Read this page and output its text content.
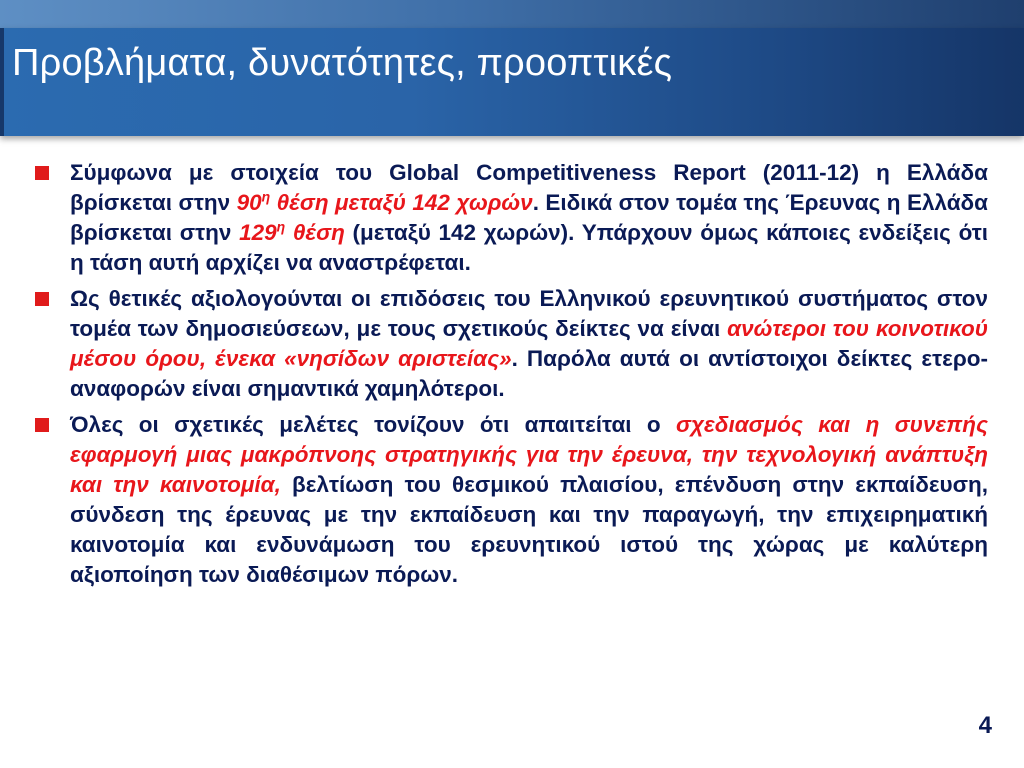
Προβλήματα, δυνατότητες, προοπτικές
Σύμφωνα με στοιχεία του Global Competitiveness Report (2011-12) η Ελλάδα βρίσκεται στην $90^\eta$ θέση μεταξύ 142 χωρών. Ειδικά στον τομέα της Έρευνας η Ελλάδα βρίσκεται στην $129^\eta$ θέση (μεταξύ 142 χωρών). Υπάρχουν όμως κάποιες ενδείξεις ότι η τάση αυτή αρχίζει να αναστρέφεται.
Ως θετικές αξιολογούνται οι επιδόσεις του Ελληνικού ερευνητικού συστήματος στον τομέα των δημοσιεύσεων, με τους σχετικούς δείκτες να είναι ανώτεροι του κοινοτικού μέσου όρου, ένεκα «νησίδων αριστείας». Παρόλα αυτά οι αντίστοιχοι δείκτες ετερο-αναφορών είναι σημαντικά χαμηλότεροι.
Όλες οι σχετικές μελέτες τονίζουν ότι απαιτείται ο σχεδιασμός και η συνεπής εφαρμογή μιας μακρόπνοης στρατηγικής για την έρευνα, την τεχνολογική ανάπτυξη και την καινοτομία, βελτίωση του θεσμικού πλαισίου, επένδυση στην εκπαίδευση, σύνδεση της έρευνας με την εκπαίδευση και την παραγωγή, την επιχειρηματική καινοτομία και ενδυνάμωση του ερευνητικού ιστού της χώρας με καλύτερη αξιοποίηση των διαθέσιμων πόρων.
4
